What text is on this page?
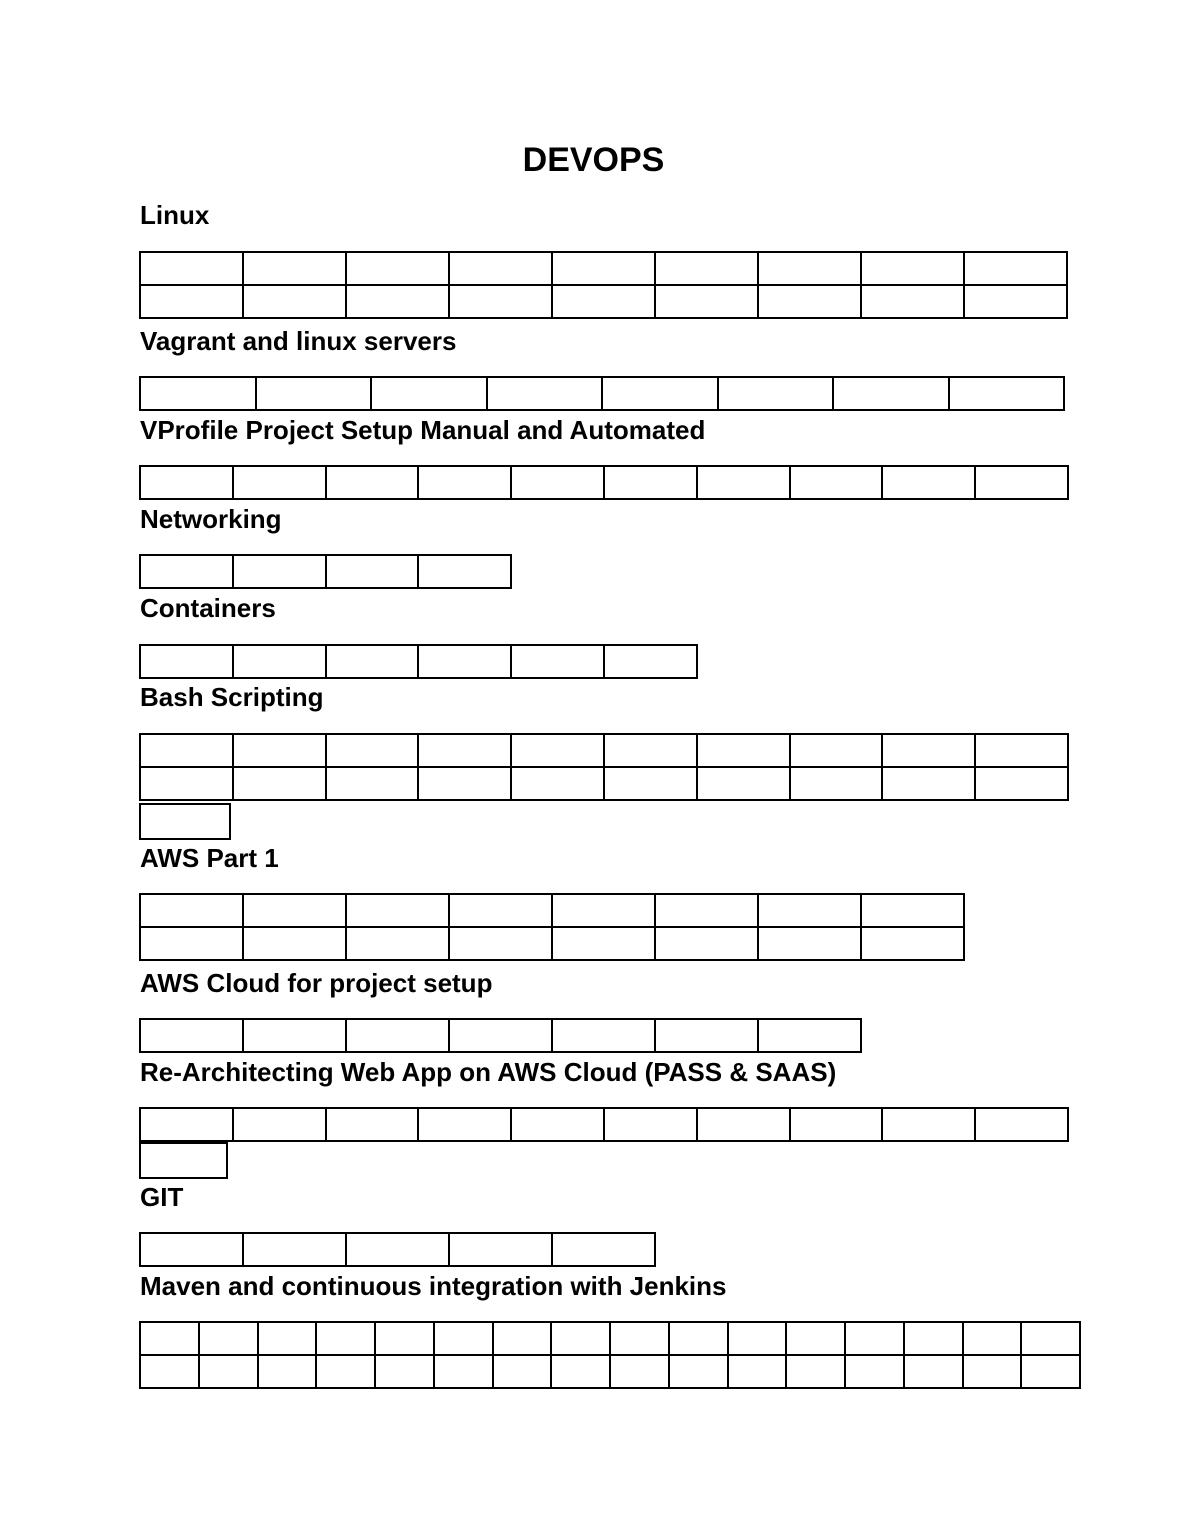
DEVOPS
Linux

Vagrant and linux servers

VProfile Project Setup Manual and Automated

Networking

Containers

Bash Scripting

AWS Part 1

AWS Cloud for project setup

Re-Architecting Web App on AWS Cloud (PASS & SAAS)

GIT

Maven and continuous integration with Jenkins
